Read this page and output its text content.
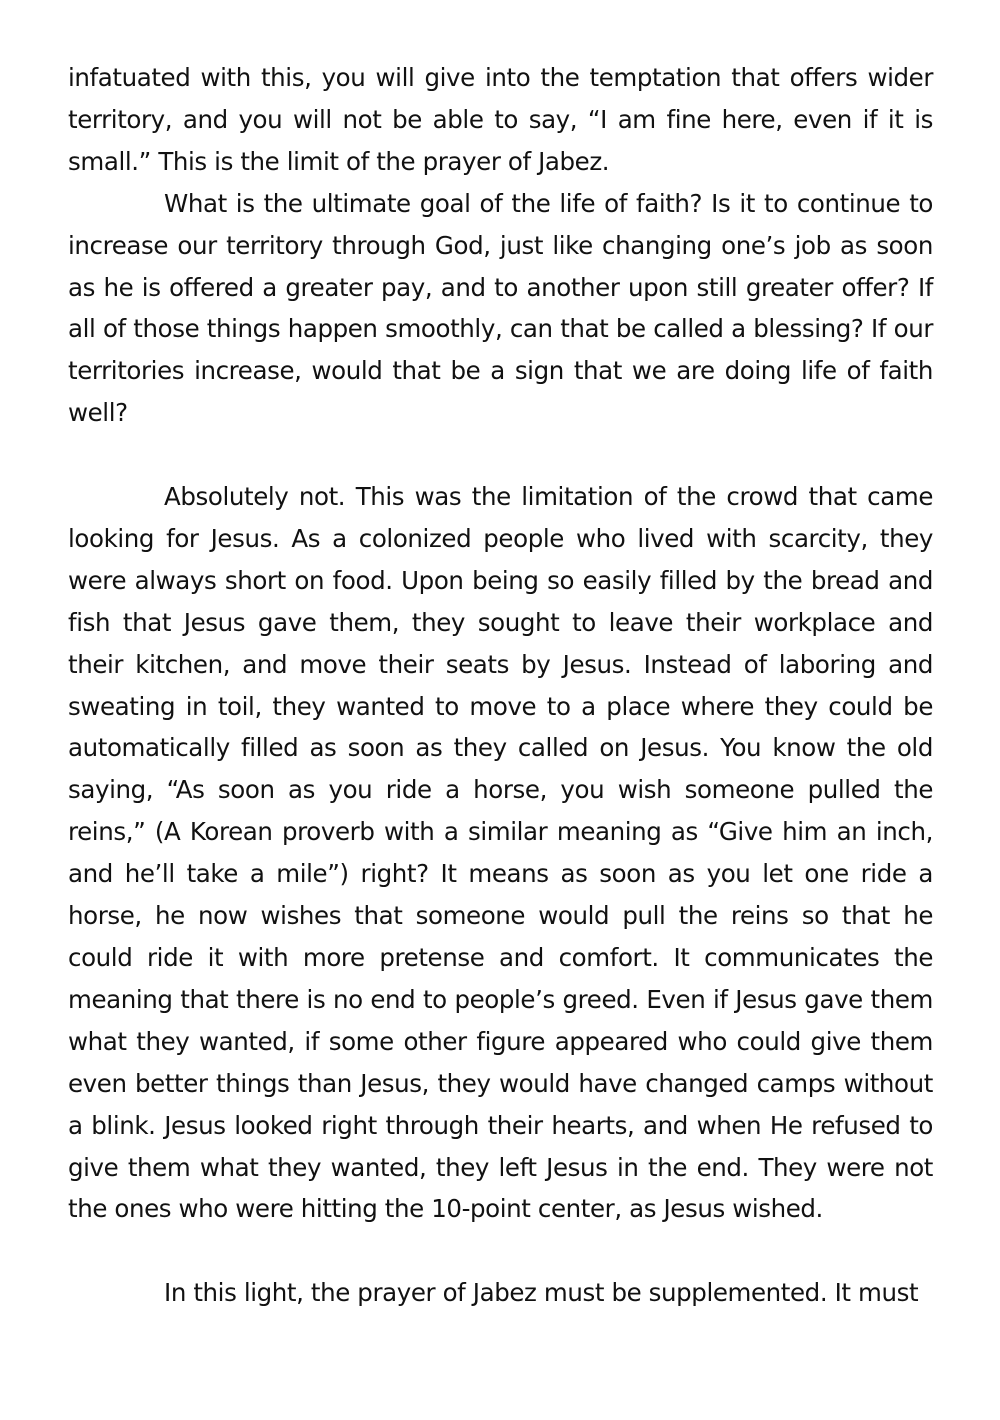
infatuated with this, you will give into the temptation that offers wider territory, and you will not be able to say, “I am fine here, even if it is small.” This is the limit of the prayer of Jabez.

What is the ultimate goal of the life of faith? Is it to continue to increase our territory through God, just like changing one’s job as soon as he is offered a greater pay, and to another upon still greater offer? If all of those things happen smoothly, can that be called a blessing? If our territories increase, would that be a sign that we are doing life of faith well?

Absolutely not. This was the limitation of the crowd that came looking for Jesus. As a colonized people who lived with scarcity, they were always short on food. Upon being so easily filled by the bread and fish that Jesus gave them, they sought to leave their workplace and their kitchen, and move their seats by Jesus. Instead of laboring and sweating in toil, they wanted to move to a place where they could be automatically filled as soon as they called on Jesus. You know the old saying, “As soon as you ride a horse, you wish someone pulled the reins,” (A Korean proverb with a similar meaning as “Give him an inch, and he’ll take a mile”) right? It means as soon as you let one ride a horse, he now wishes that someone would pull the reins so that he could ride it with more pretense and comfort. It communicates the meaning that there is no end to people’s greed. Even if Jesus gave them what they wanted, if some other figure appeared who could give them even better things than Jesus, they would have changed camps without a blink. Jesus looked right through their hearts, and when He refused to give them what they wanted, they left Jesus in the end. They were not the ones who were hitting the 10-point center, as Jesus wished.

In this light, the prayer of Jabez must be supplemented. It must
